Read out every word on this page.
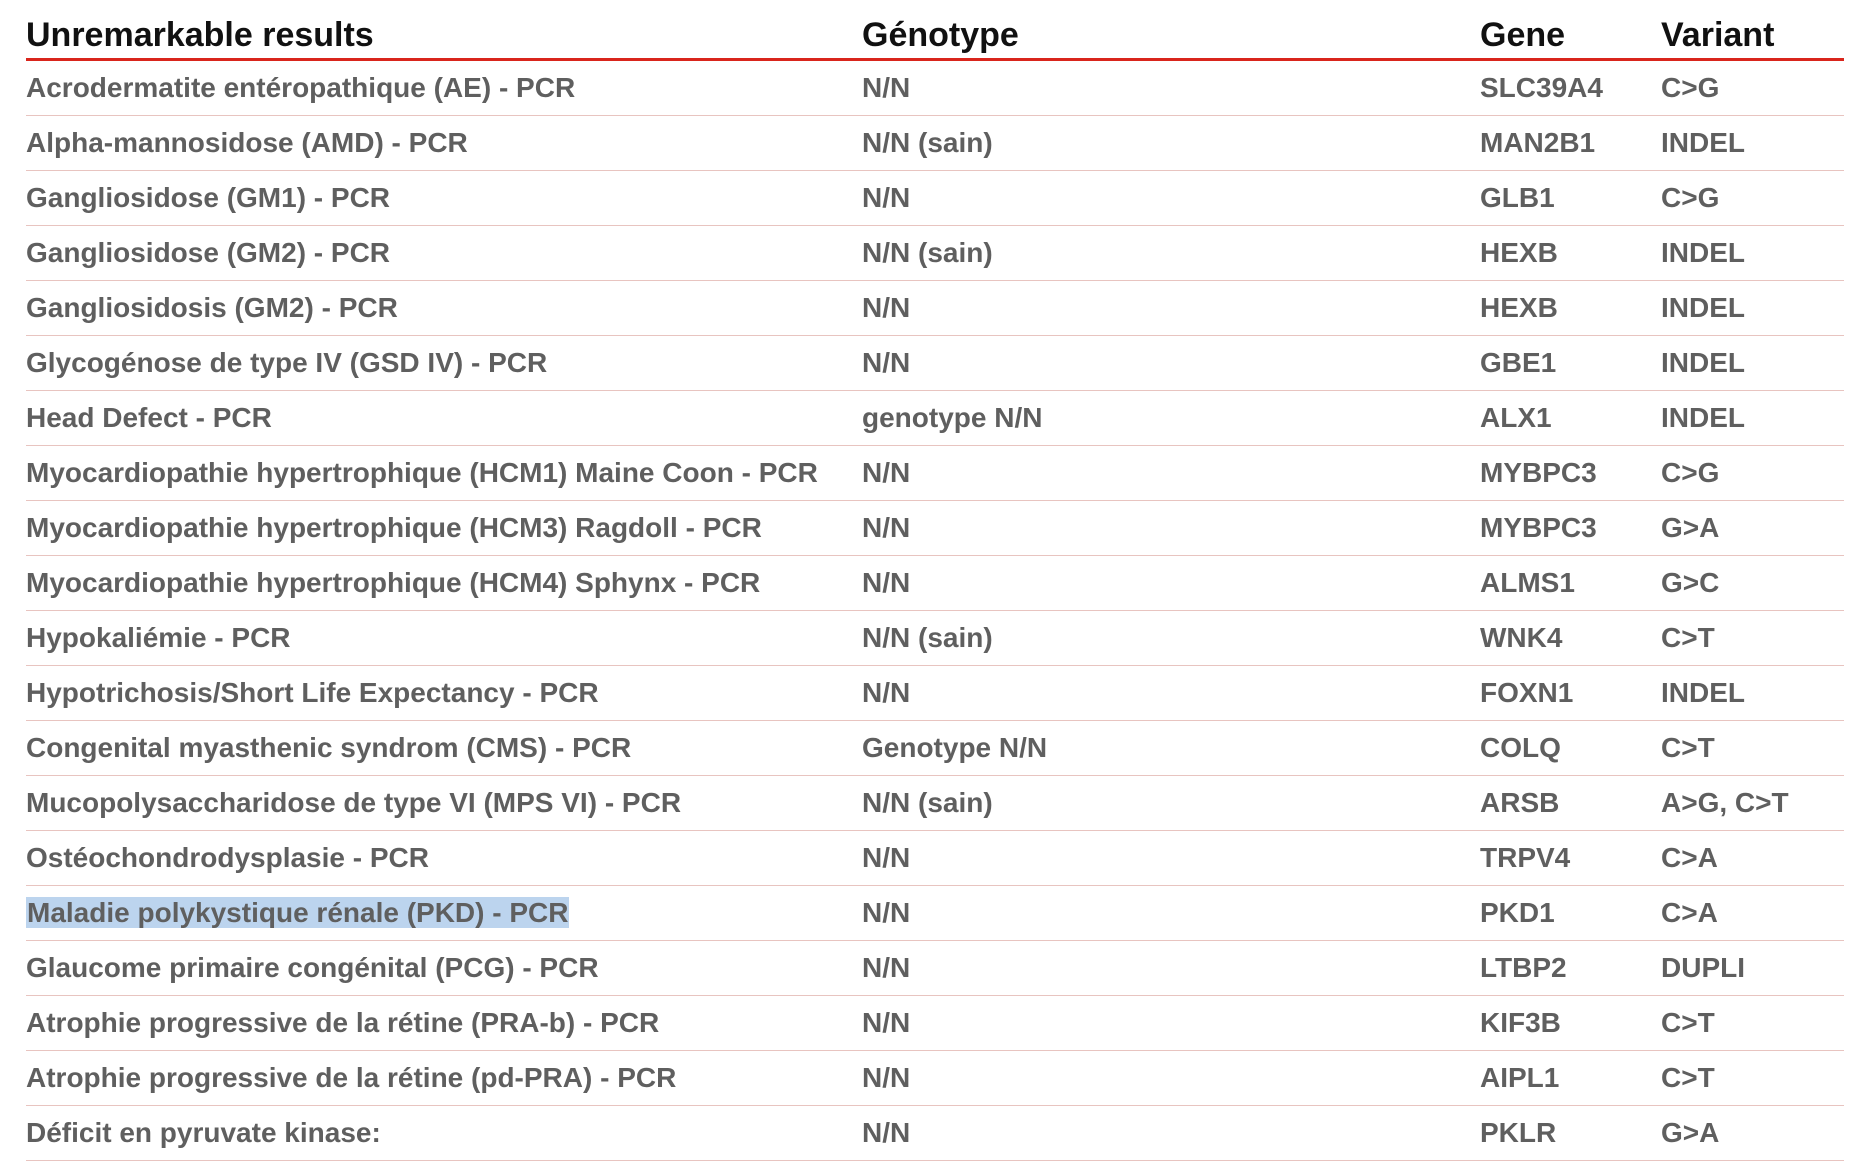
Unremarkable results	Génotype	Gene	Variant
Acrodermatite entéropathique (AE) - PCR	N/N	SLC39A4	C>G
Alpha-mannosidose (AMD) - PCR	N/N (sain)	MAN2B1	INDEL
Gangliosidose (GM1) - PCR	N/N	GLB1	C>G
Gangliosidose (GM2) - PCR	N/N (sain)	HEXB	INDEL
Gangliosidosis (GM2) - PCR	N/N	HEXB	INDEL
Glycogénose de type IV (GSD IV) - PCR	N/N	GBE1	INDEL
Head Defect - PCR	genotype N/N	ALX1	INDEL
Myocardiopathie hypertrophique (HCM1) Maine Coon - PCR	N/N	MYBPC3	C>G
Myocardiopathie hypertrophique (HCM3) Ragdoll - PCR	N/N	MYBPC3	G>A
Myocardiopathie hypertrophique (HCM4) Sphynx - PCR	N/N	ALMS1	G>C
Hypokaliémie - PCR	N/N (sain)	WNK4	C>T
Hypotrichosis/Short Life Expectancy - PCR	N/N	FOXN1	INDEL
Congenital myasthenic syndrom (CMS) - PCR	Genotype N/N	COLQ	C>T
Mucopolysaccharidose de type VI (MPS VI) - PCR	N/N (sain)	ARSB	A>G, C>T
Ostéochondrodysplasie - PCR	N/N	TRPV4	C>A
Maladie polykystique rénale (PKD) - PCR	N/N	PKD1	C>A
Glaucome primaire congénital (PCG) - PCR	N/N	LTBP2	DUPLI
Atrophie progressive de la rétine (PRA-b) - PCR	N/N	KIF3B	C>T
Atrophie progressive de la rétine (pd-PRA) - PCR	N/N	AIPL1	C>T
Déficit en pyruvate kinase:	N/N	PKLR	G>A
